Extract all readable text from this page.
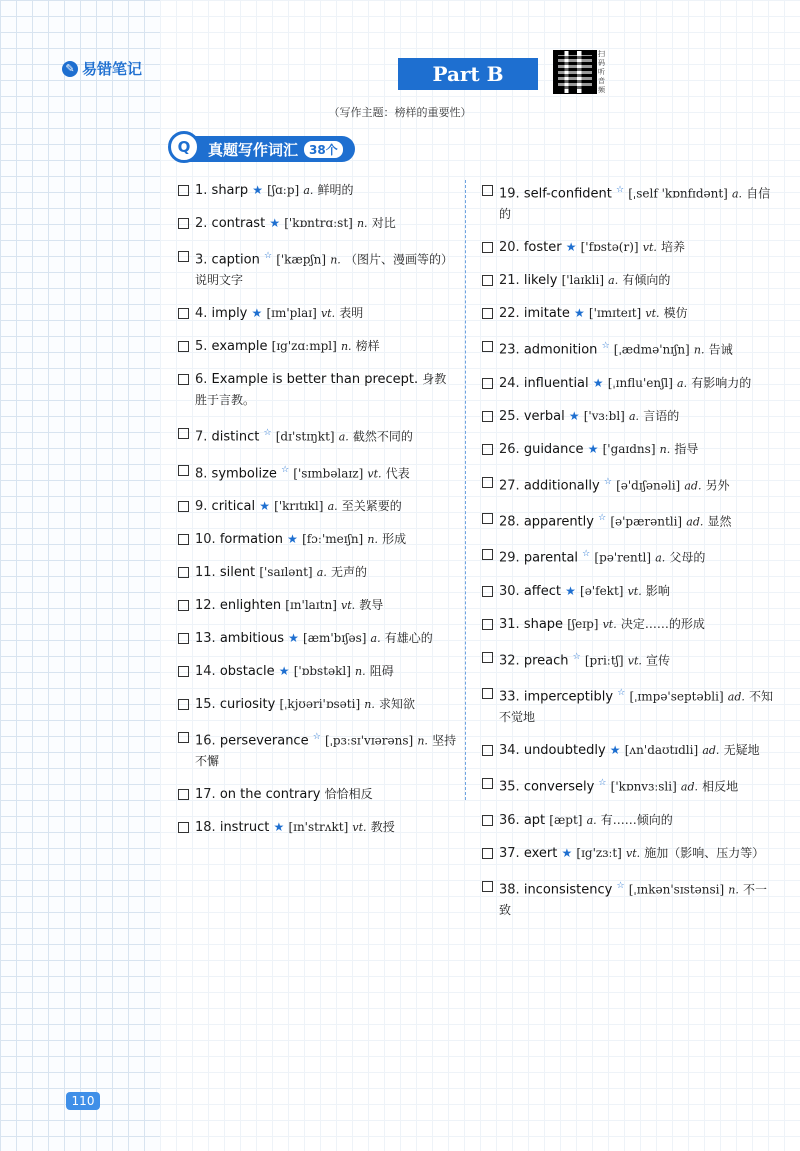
✎ 易错笔记	Part B
扫码听音频
（写作主题：榜样的重要性）
Q	真题写作词汇 38个
1. sharp ★ [ʃɑːp] a. 鲜明的
2. contrast ★ ['kɒntrɑːst] n. 对比
3. caption ☆ ['kæpʃn] n. （图片、漫画等的）说明文字
4. imply ★ [ɪm'plaɪ] vt. 表明
5. example [ɪg'zɑːmpl] n. 榜样
6. Example is better than precept. 身教胜于言教。
7. distinct ☆ [dɪ'stɪŋkt] a. 截然不同的
8. symbolize ☆ ['sɪmbəlaɪz] vt. 代表
9. critical ★ ['krɪtɪkl] a. 至关紧要的
10. formation ★ [fɔː'meɪʃn] n. 形成
11. silent ['saɪlənt] a. 无声的
12. enlighten [ɪn'laɪtn] vt. 教导
13. ambitious ★ [æm'bɪʃəs] a. 有雄心的
14. obstacle ★ ['ɒbstəkl] n. 阻碍
15. curiosity [ˌkjʊəri'ɒsəti] n. 求知欲
16. perseverance ☆ [ˌpɜːsɪ'vɪərəns] n. 坚持不懈
17. on the contrary 恰恰相反
18. instruct ★ [ɪn'strʌkt] vt. 教授
19. self-confident ☆ [ˌself 'kɒnfɪdənt] a. 自信的
20. foster ★ ['fɒstə(r)] vt. 培养
21. likely ['laɪkli] a. 有倾向的
22. imitate ★ ['ɪmɪteɪt] vt. 模仿
23. admonition ☆ [ˌædmə'nɪʃn] n. 告诫
24. influential ★ [ˌɪnflu'enʃl] a. 有影响力的
25. verbal ★ ['vɜːbl] a. 言语的
26. guidance ★ ['gaɪdns] n. 指导
27. additionally ☆ [ə'dɪʃənəli] ad. 另外
28. apparently ☆ [ə'pærəntli] ad. 显然
29. parental ☆ [pə'rentl] a. 父母的
30. affect ★ [ə'fekt] vt. 影响
31. shape [ʃeɪp] vt. 决定……的形成
32. preach ☆ [priːtʃ] vt. 宣传
33. imperceptibly ☆ [ˌɪmpə'septəbli] ad. 不知不觉地
34. undoubtedly ★ [ʌn'daʊtɪdli] ad. 无疑地
35. conversely ☆ ['kɒnvɜːsli] ad. 相反地
36. apt [æpt] a. 有……倾向的
37. exert ★ [ɪg'zɜːt] vt. 施加（影响、压力等）
38. inconsistency ☆ [ˌɪnkən'sɪstənsi] n. 不一致
110
